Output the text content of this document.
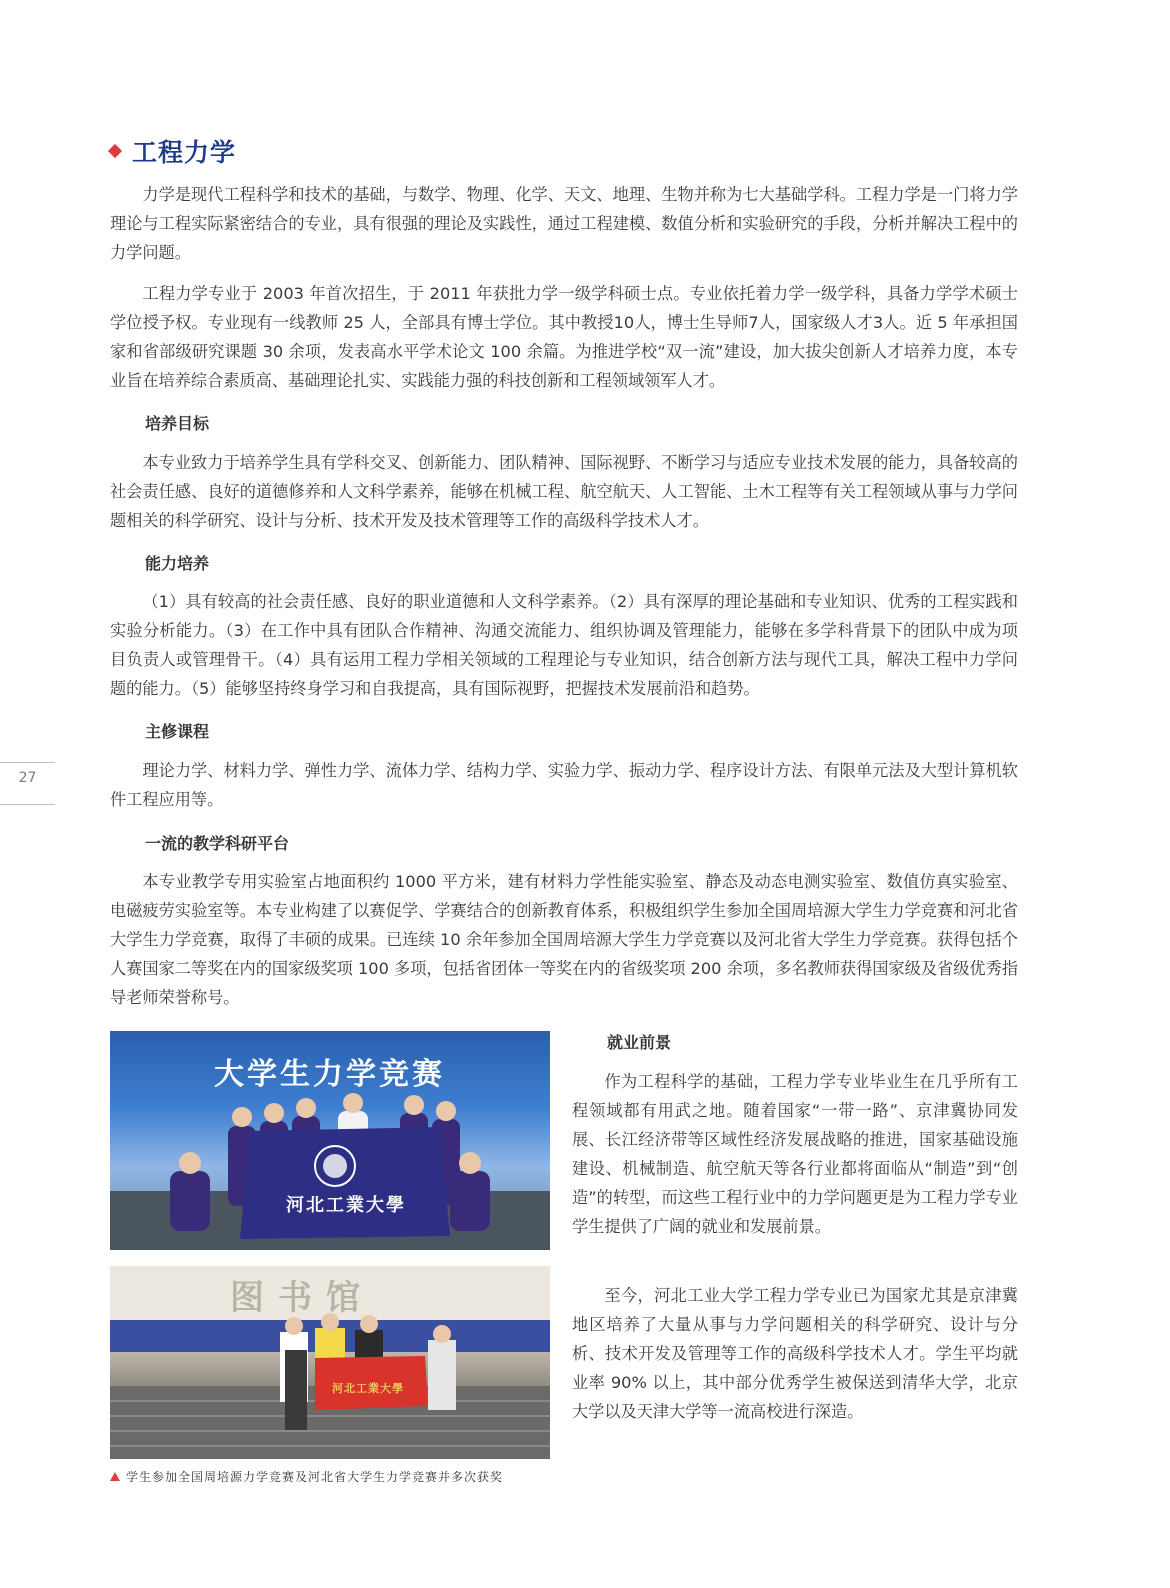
工程力学

力学是现代工程科学和技术的基础，与数学、物理、化学、天文、地理、生物并称为七大基础学科。工程力学是一门将力学理论与工程实际紧密结合的专业，具有很强的理论及实践性，通过工程建模、数值分析和实验研究的手段，分析并解决工程中的力学问题。

工程力学专业于 2003 年首次招生，于 2011 年获批力学一级学科硕士点。专业依托着力学一级学科，具备力学学术硕士学位授予权。专业现有一线教师 25 人，全部具有博士学位。其中教授10人，博士生导师7人，国家级人才3人。近 5 年承担国家和省部级研究课题 30 余项，发表高水平学术论文 100 余篇。为推进学校“双一流”建设，加大拔尖创新人才培养力度，本专业旨在培养综合素质高、基础理论扎实、实践能力强的科技创新和工程领域领军人才。

培养目标

本专业致力于培养学生具有学科交叉、创新能力、团队精神、国际视野、不断学习与适应专业技术发展的能力，具备较高的社会责任感、良好的道德修养和人文科学素养，能够在机械工程、航空航天、人工智能、土木工程等有关工程领域从事与力学问题相关的科学研究、设计与分析、技术开发及技术管理等工作的高级科学技术人才。

能力培养

（1）具有较高的社会责任感、良好的职业道德和人文科学素养。（2）具有深厚的理论基础和专业知识、优秀的工程实践和实验分析能力。（3）在工作中具有团队合作精神、沟通交流能力、组织协调及管理能力，能够在多学科背景下的团队中成为项目负责人或管理骨干。（4）具有运用工程力学相关领域的工程理论与专业知识，结合创新方法与现代工具，解决工程中力学问题的能力。（5）能够坚持终身学习和自我提高，具有国际视野，把握技术发展前沿和趋势。

主修课程

理论力学、材料力学、弹性力学、流体力学、结构力学、实验力学、振动力学、程序设计方法、有限单元法及大型计算机软件工程应用等。

一流的教学科研平台

本专业教学专用实验室占地面积约 1000 平方米，建有材料力学性能实验室、静态及动态电测实验室、数值仿真实验室、电磁疲劳实验室等。本专业构建了以赛促学、学赛结合的创新教育体系，积极组织学生参加全国周培源大学生力学竞赛和河北省大学生力学竞赛，取得了丰硕的成果。已连续 10 余年参加全国周培源大学生力学竞赛以及河北省大学生力学竞赛。获得包括个人赛国家二等奖在内的国家级奖项 100 多项，包括省团体一等奖在内的省级奖项 200 余项，多名教师获得国家级及省级优秀指导老师荣誉称号。

27
大学生力学竞赛
河北工業大學
图书馆
河北工業大學
学生参加全国周培源力学竞赛及河北省大学生力学竞赛并多次获奖
就业前景

作为工程科学的基础，工程力学专业毕业生在几乎所有工程领域都有用武之地。随着国家“一带一路”、京津冀协同发展、长江经济带等区域性经济发展战略的推进，国家基础设施建设、机械制造、航空航天等各行业都将面临从“制造”到“创造”的转型，而这些工程行业中的力学问题更是为工程力学专业学生提供了广阔的就业和发展前景。

至今，河北工业大学工程力学专业已为国家尤其是京津冀地区培养了大量从事与力学问题相关的科学研究、设计与分析、技术开发及管理等工作的高级科学技术人才。学生平均就业率 90% 以上，其中部分优秀学生被保送到清华大学，北京大学以及天津大学等一流高校进行深造。
